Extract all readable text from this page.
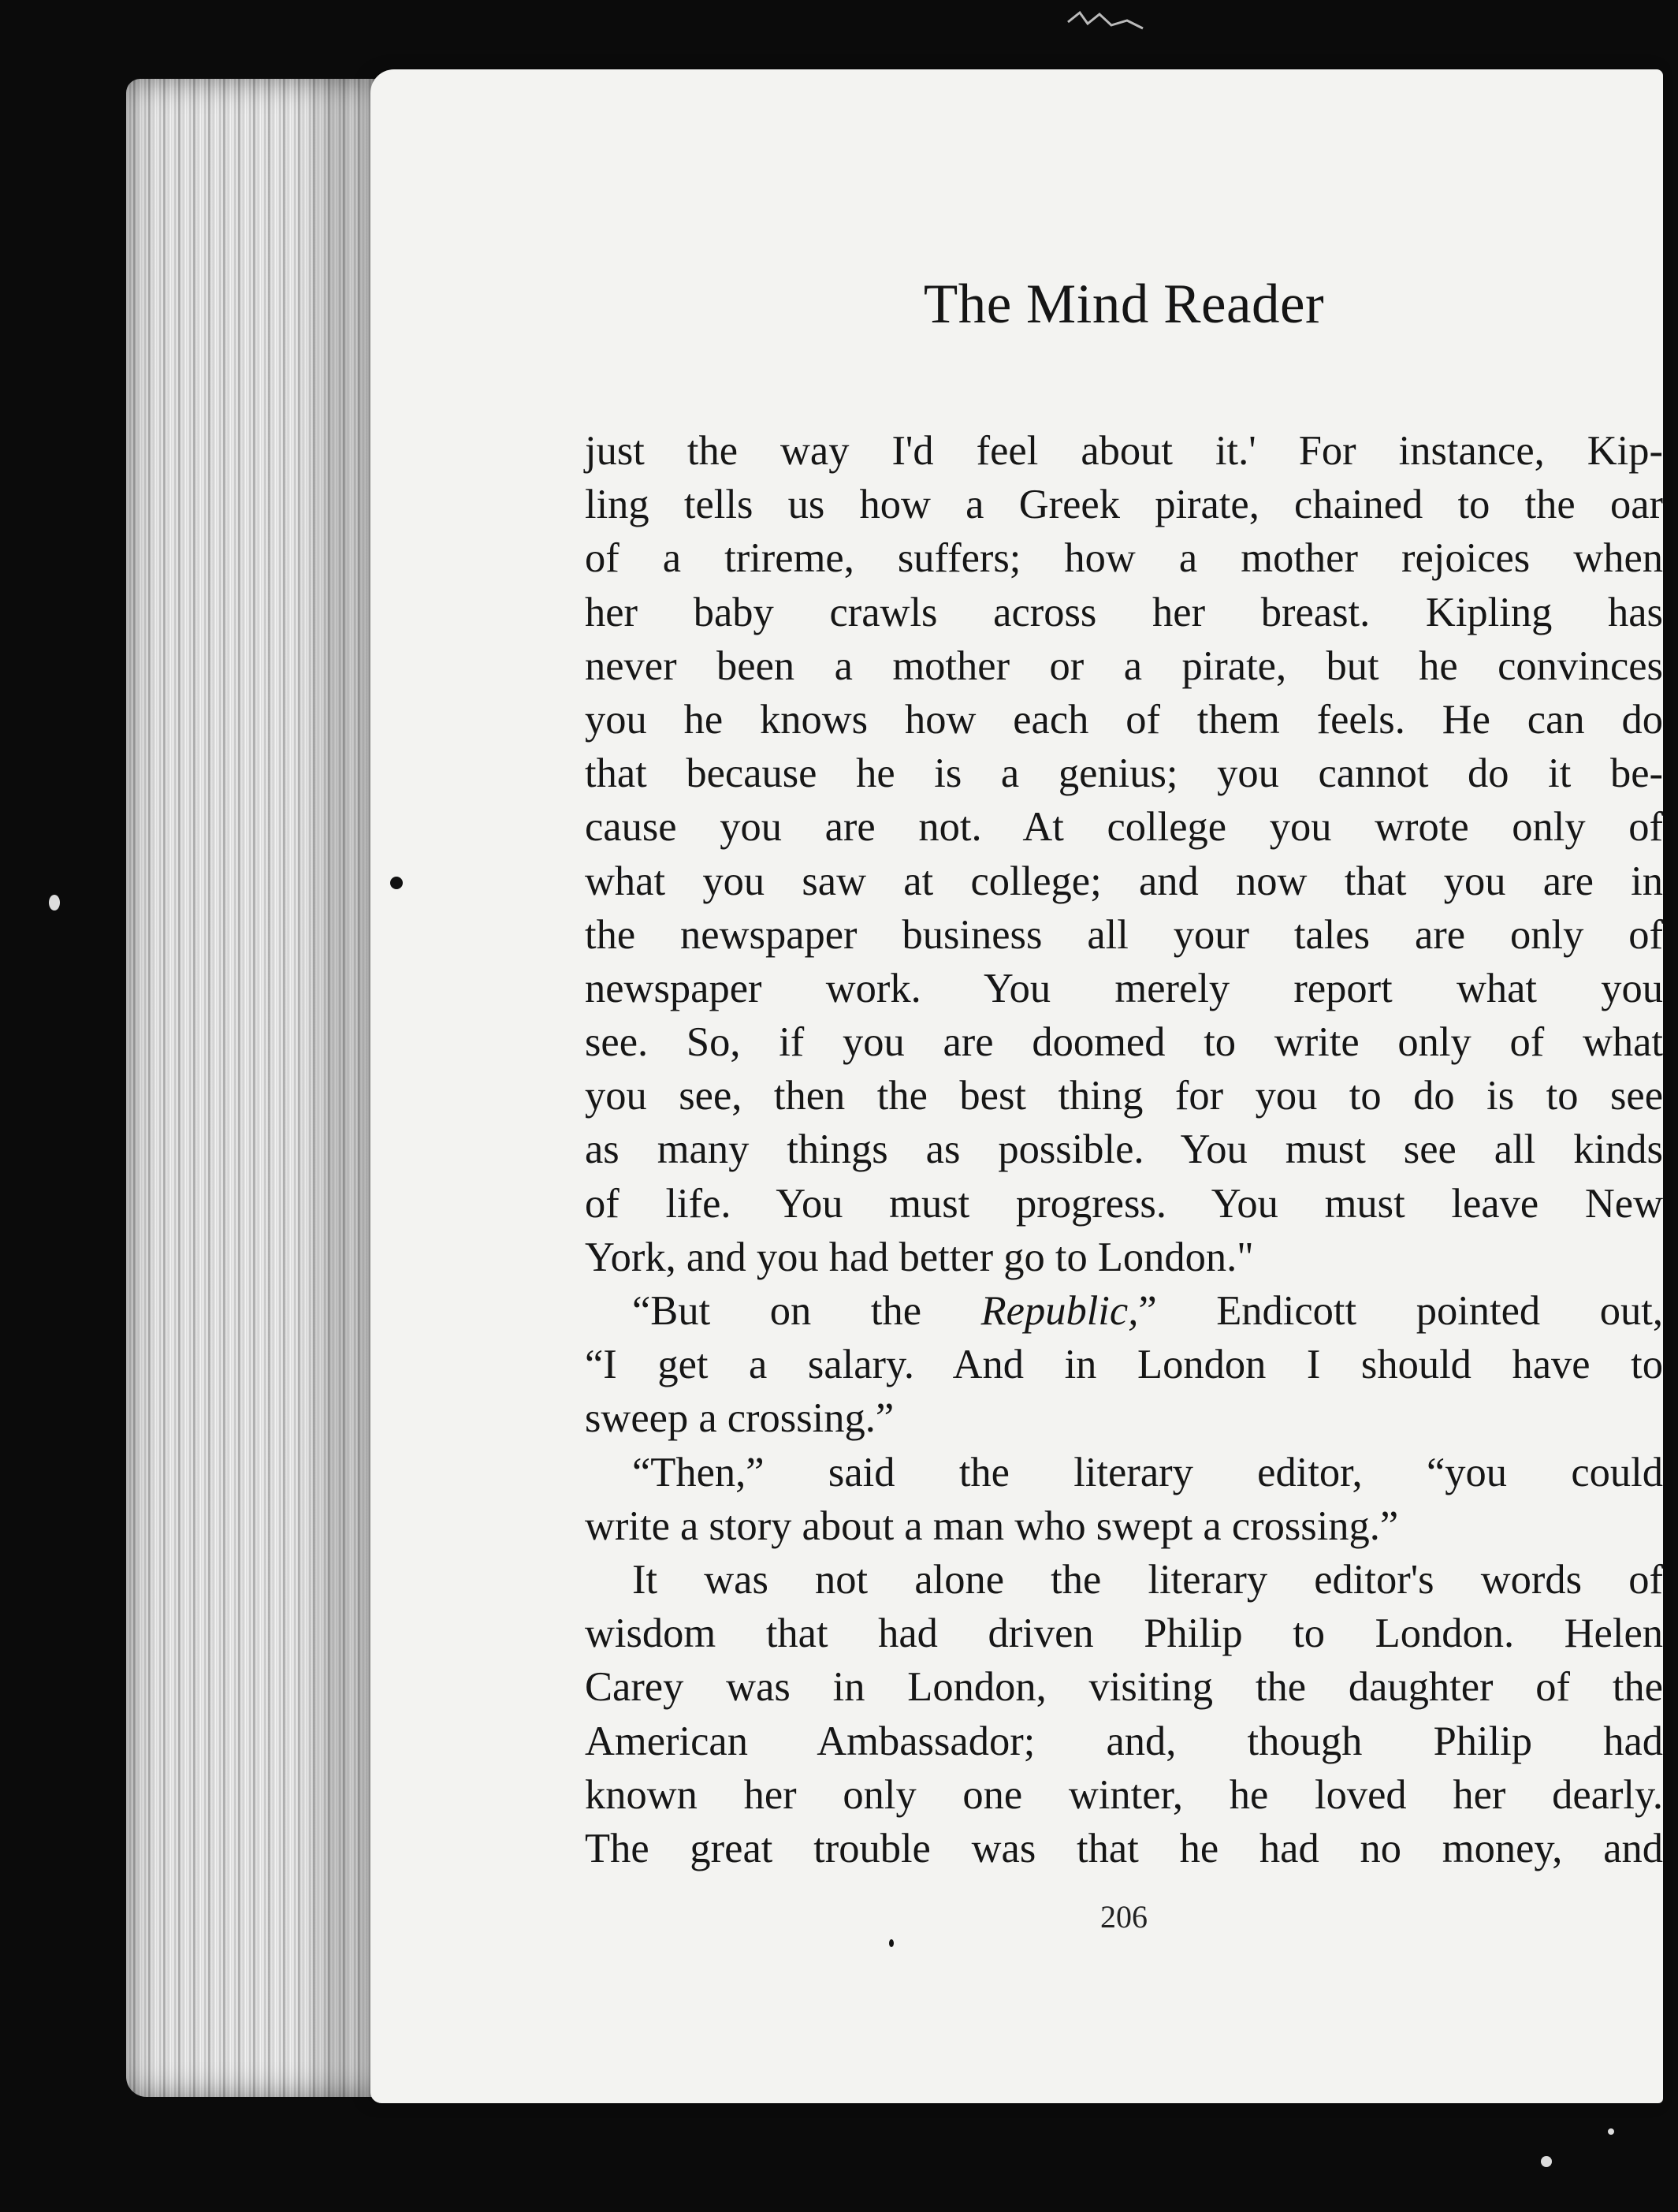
The Mind Reader
just the way I'd feel about it.' For instance, Kip-
ling tells us how a Greek pirate, chained to the oar
of a trireme, suffers; how a mother rejoices when
her baby crawls across her breast. Kipling has
never been a mother or a pirate, but he convinces
you he knows how each of them feels. He can do
that because he is a genius; you cannot do it be-
cause you are not. At college you wrote only of
what you saw at college; and now that you are in
the newspaper business all your tales are only of
newspaper work. You merely report what you
see. So, if you are doomed to write only of what
you see, then the best thing for you to do is to see
as many things as possible. You must see all kinds
of life. You must progress. You must leave New
York, and you had better go to London."
“But on the Republic,” Endicott pointed out,
“I get a salary. And in London I should have to
sweep a crossing.”
“Then,” said the literary editor, “you could
write a story about a man who swept a crossing.”
It was not alone the literary editor's words of
wisdom that had driven Philip to London. Helen
Carey was in London, visiting the daughter of the
American Ambassador; and, though Philip had
known her only one winter, he loved her dearly.
The great trouble was that he had no money, and
206
